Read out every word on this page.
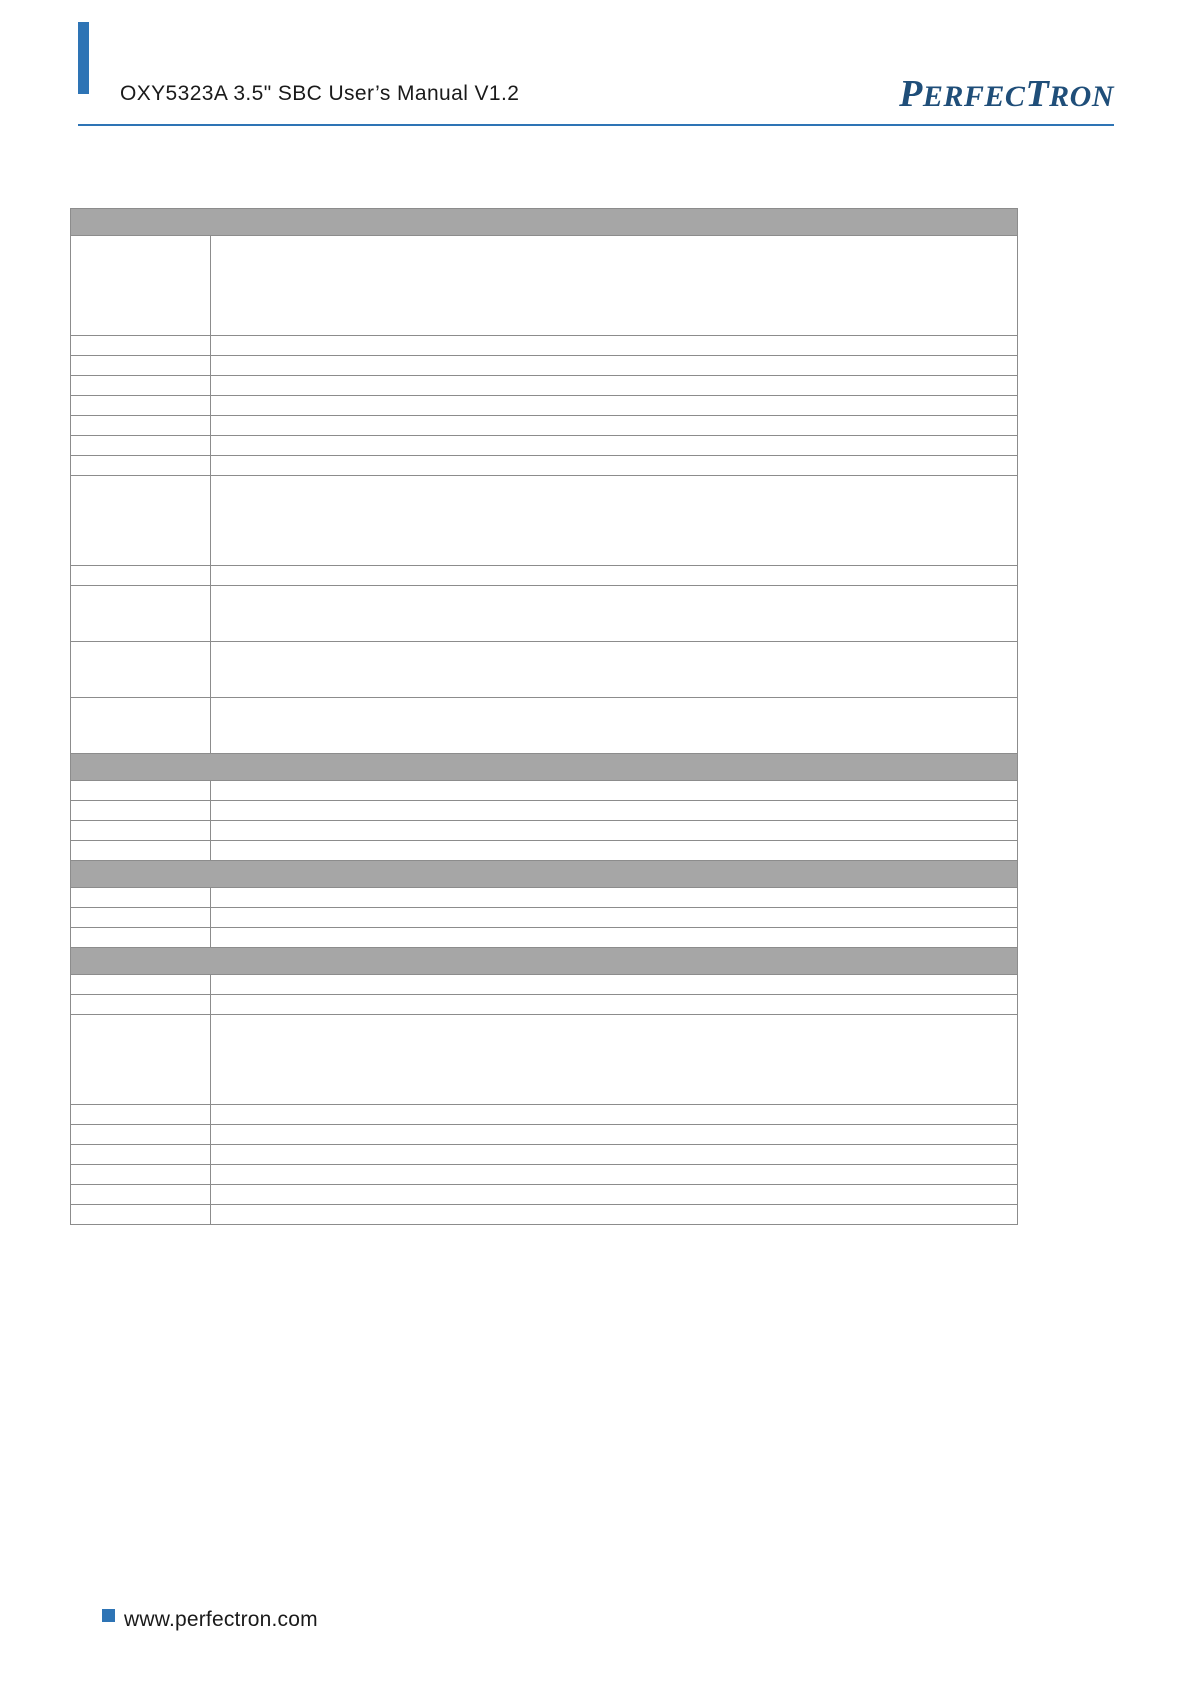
OXY5323A 3.5" SBC User’s Manual V1.2	PERFECTRON

www.perfectron.com
